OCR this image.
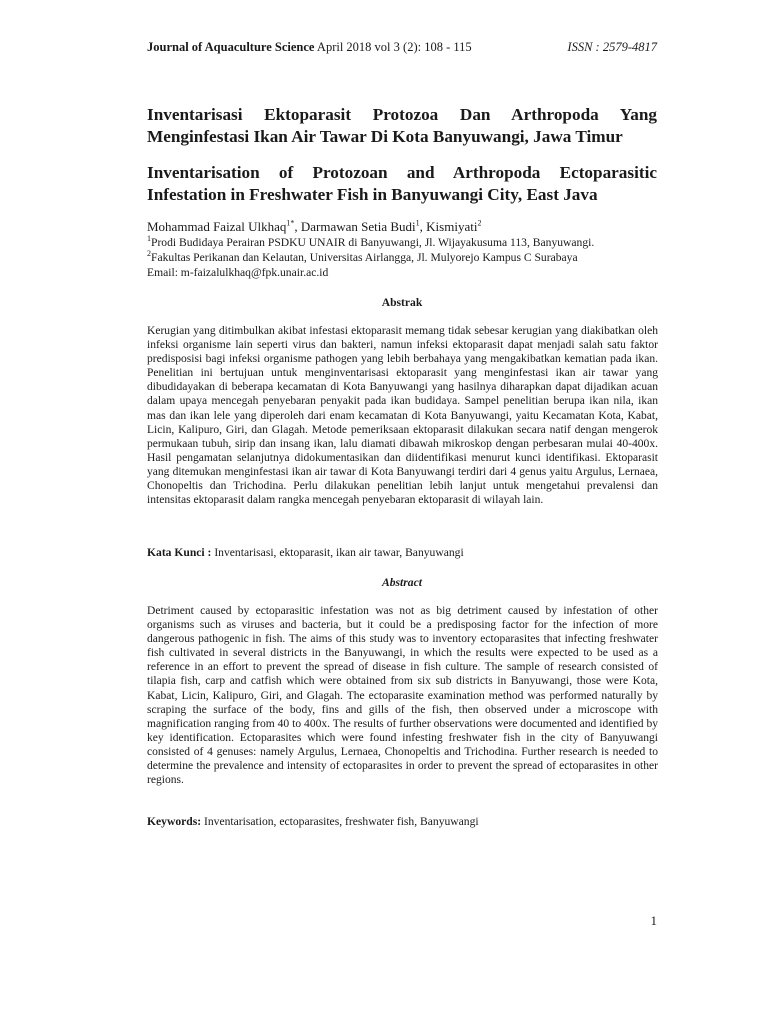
Journal of Aquaculture Science April 2018 vol 3 (2): 108 - 115	ISSN : 2579-4817
Inventarisasi Ektoparasit Protozoa Dan Arthropoda Yang Menginfestasi Ikan Air Tawar Di Kota Banyuwangi, Jawa Timur
Inventarisation of Protozoan and Arthropoda Ectoparasitic Infestation in Freshwater Fish in Banyuwangi City, East Java
Mohammad Faizal Ulkhaq$^{1*}$, Darmawan Setia Budi$^1$, Kismiyati$^2$
$^1$Prodi Budidaya Perairan PSDKU UNAIR di Banyuwangi, Jl. Wijayakusuma 113, Banyuwangi.
$^2$Fakultas Perikanan dan Kelautan, Universitas Airlangga, Jl. Mulyorejo Kampus C Surabaya
Email: m-faizalulkhaq@fpk.unair.ac.id
Abstrak
Kerugian yang ditimbulkan akibat infestasi ektoparasit memang tidak sebesar kerugian yang diakibatkan oleh infeksi organisme lain seperti virus dan bakteri, namun infeksi ektoparasit dapat menjadi salah satu faktor predisposisi bagi infeksi organisme pathogen yang lebih berbahaya yang mengakibatkan kematian pada ikan. Penelitian ini bertujuan untuk menginventarisasi ektoparasit yang menginfestasi ikan air tawar yang dibudidayakan di beberapa kecamatan di Kota Banyuwangi yang hasilnya diharapkan dapat dijadikan acuan dalam upaya mencegah penyebaran penyakit pada ikan budidaya. Sampel penelitian berupa ikan nila, ikan mas dan ikan lele yang diperoleh dari enam kecamatan di Kota Banyuwangi, yaitu Kecamatan Kota, Kabat, Licin, Kalipuro, Giri, dan Glagah. Metode pemeriksaan ektoparasit dilakukan secara natif dengan mengerok permukaan tubuh, sirip dan insang ikan, lalu diamati dibawah mikroskop dengan perbesaran mulai 40-400x. Hasil pengamatan selanjutnya didokumentasikan dan diidentifikasi menurut kunci identifikasi. Ektoparasit yang ditemukan menginfestasi ikan air tawar di Kota Banyuwangi terdiri dari 4 genus yaitu Argulus, Lernaea, Chonopeltis dan Trichodina. Perlu dilakukan penelitian lebih lanjut untuk mengetahui prevalensi dan intensitas ektoparasit dalam rangka mencegah penyebaran ektoparasit di wilayah lain.
Kata Kunci : Inventarisasi, ektoparasit, ikan air tawar, Banyuwangi
Abstract
Detriment caused by ectoparasitic infestation was not as big detriment caused by infestation of other organisms such as viruses and bacteria, but it could be a predisposing factor for the infection of more dangerous pathogenic in fish. The aims of this study was to inventory ectoparasites that infecting freshwater fish cultivated in several districts in the Banyuwangi, in which the results were expected to be used as a reference in an effort to prevent the spread of disease in fish culture. The sample of research consisted of tilapia fish, carp and catfish which were obtained from six sub districts in Banyuwangi, those were Kota, Kabat, Licin, Kalipuro, Giri, and Glagah. The ectoparasite examination method was performed naturally by scraping the surface of the body, fins and gills of the fish, then observed under a microscope with magnification ranging from 40 to 400x. The results of further observations were documented and identified by key identification. Ectoparasites which were found infesting freshwater fish in the city of Banyuwangi consisted of 4 genuses: namely Argulus, Lernaea, Chonopeltis and Trichodina. Further research is needed to determine the prevalence and intensity of ectoparasites in order to prevent the spread of ectoparasites in other regions.
Keywords: Inventarisation, ectoparasites, freshwater fish, Banyuwangi
1
